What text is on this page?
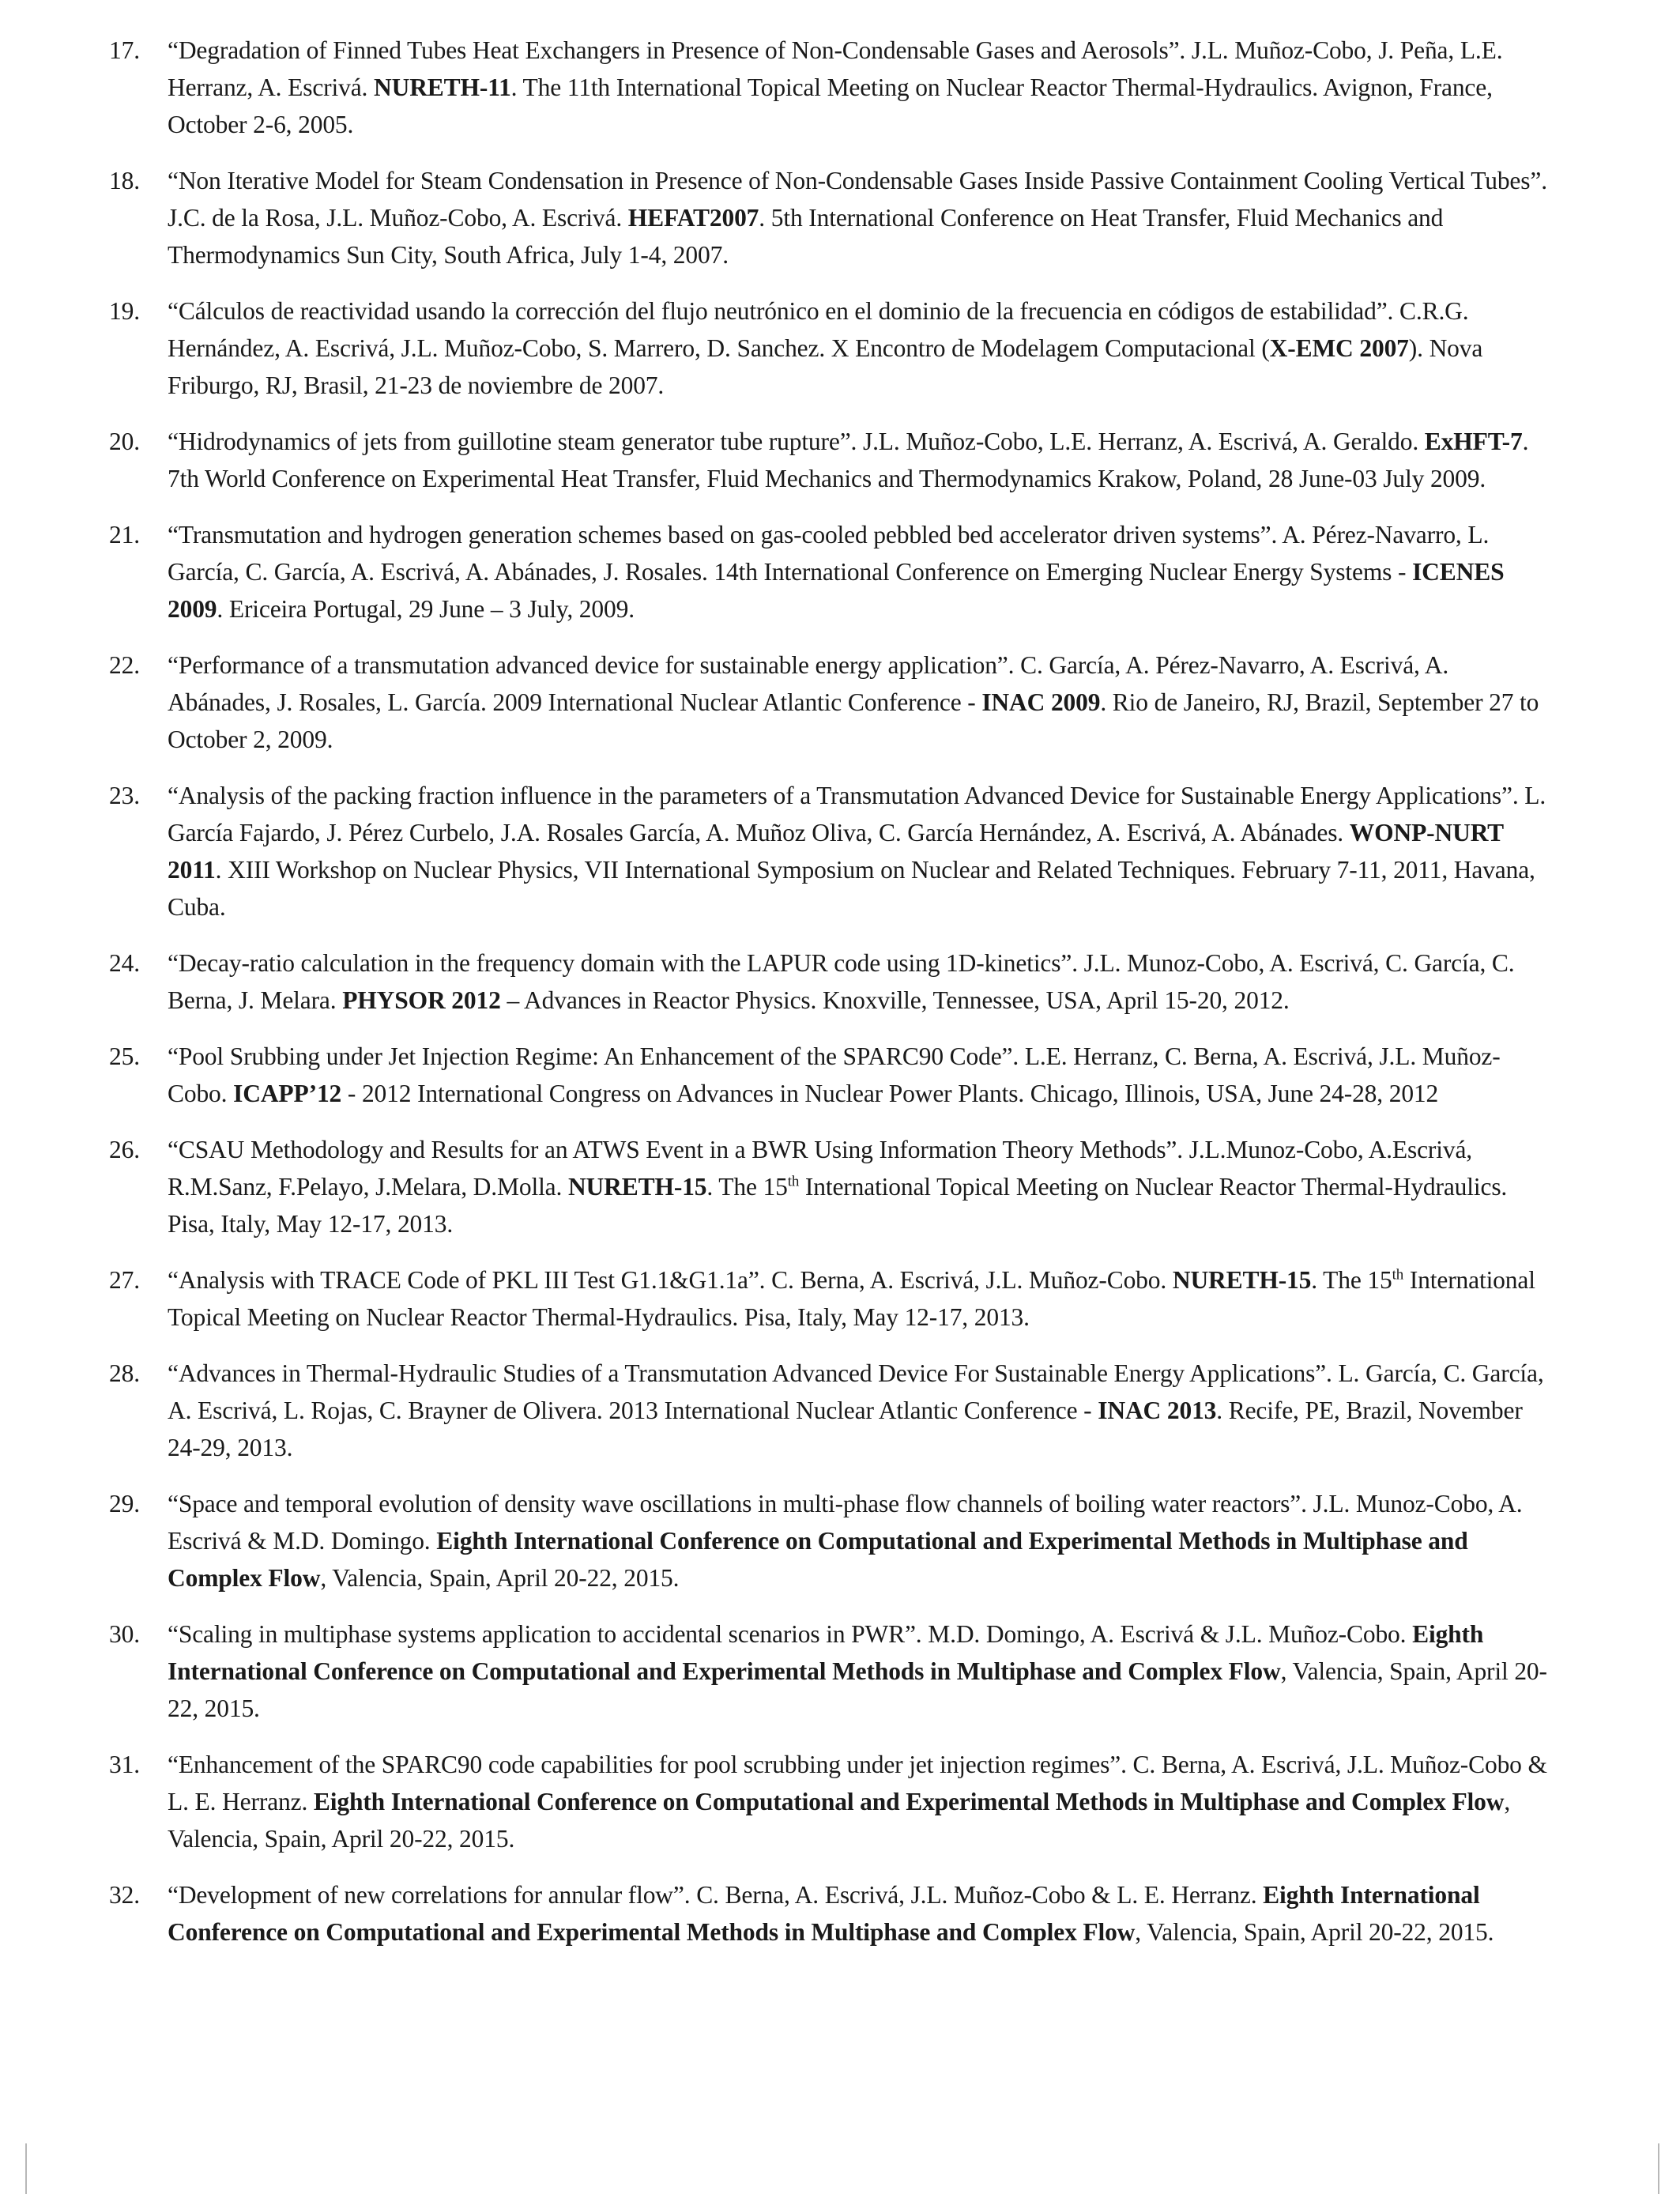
17. “Degradation of Finned Tubes Heat Exchangers in Presence of Non-Condensable Gases and Aerosols”. J.L. Muñoz-Cobo, J. Peña, L.E. Herranz, A. Escrivá. NURETH-11. The 11th International Topical Meeting on Nuclear Reactor Thermal-Hydraulics. Avignon, France, October 2-6, 2005.
18. “Non Iterative Model for Steam Condensation in Presence of Non-Condensable Gases Inside Passive Containment Cooling Vertical Tubes”. J.C. de la Rosa, J.L. Muñoz-Cobo, A. Escrivá. HEFAT2007. 5th International Conference on Heat Transfer, Fluid Mechanics and Thermodynamics Sun City, South Africa, July 1-4, 2007.
19. “Cálculos de reactividad usando la corrección del flujo neutrónico en el dominio de la frecuencia en códigos de estabilidad”. C.R.G. Hernández, A. Escrivá, J.L. Muñoz-Cobo, S. Marrero, D. Sanchez. X Encontro de Modelagem Computacional (X-EMC 2007). Nova Friburgo, RJ, Brasil, 21-23 de noviembre de 2007.
20. “Hidrodynamics of jets from guillotine steam generator tube rupture”. J.L. Muñoz-Cobo, L.E. Herranz, A. Escrivá, A. Geraldo. ExHFT-7. 7th World Conference on Experimental Heat Transfer, Fluid Mechanics and Thermodynamics Krakow, Poland, 28 June-03 July 2009.
21. “Transmutation and hydrogen generation schemes based on gas-cooled pebbled bed accelerator driven systems”. A. Pérez-Navarro, L. García, C. García, A. Escrivá, A. Abánades, J. Rosales. 14th International Conference on Emerging Nuclear Energy Systems - ICENES 2009. Ericeira Portugal, 29 June – 3 July, 2009.
22. “Performance of a transmutation advanced device for sustainable energy application”. C. García, A. Pérez-Navarro, A. Escrivá, A. Abánades, J. Rosales, L. García. 2009 International Nuclear Atlantic Conference - INAC 2009. Rio de Janeiro, RJ, Brazil, September 27 to October 2, 2009.
23. “Analysis of the packing fraction influence in the parameters of a Transmutation Advanced Device for Sustainable Energy Applications”. L. García Fajardo, J. Pérez Curbelo, J.A. Rosales García, A. Muñoz Oliva, C. García Hernández, A. Escrivá, A. Abánades. WONP-NURT 2011. XIII Workshop on Nuclear Physics, VII International Symposium on Nuclear and Related Techniques. February 7-11, 2011, Havana, Cuba.
24. “Decay-ratio calculation in the frequency domain with the LAPUR code using 1D-kinetics”. J.L. Munoz-Cobo, A. Escrivá, C. García, C. Berna, J. Melara. PHYSOR 2012 – Advances in Reactor Physics. Knoxville, Tennessee, USA, April 15-20, 2012.
25. “Pool Srubbing under Jet Injection Regime: An Enhancement of the SPARC90 Code”. L.E. Herranz, C. Berna, A. Escrivá, J.L. Muñoz-Cobo. ICAPP’12 - 2012 International Congress on Advances in Nuclear Power Plants. Chicago, Illinois, USA, June 24-28, 2012
26. “CSAU Methodology and Results for an ATWS Event in a BWR Using Information Theory Methods”. J.L.Munoz-Cobo, A.Escrivá, R.M.Sanz, F.Pelayo, J.Melara, D.Molla. NURETH-15. The 15th International Topical Meeting on Nuclear Reactor Thermal-Hydraulics. Pisa, Italy, May 12-17, 2013.
27. “Analysis with TRACE Code of PKL III Test G1.1&G1.1a”. C. Berna, A. Escrivá, J.L. Muñoz-Cobo. NURETH-15. The 15th International Topical Meeting on Nuclear Reactor Thermal-Hydraulics. Pisa, Italy, May 12-17, 2013.
28. “Advances in Thermal-Hydraulic Studies of a Transmutation Advanced Device For Sustainable Energy Applications”. L. García, C. García, A. Escrivá, L. Rojas, C. Brayner de Olivera. 2013 International Nuclear Atlantic Conference - INAC 2013. Recife, PE, Brazil, November 24-29, 2013.
29. “Space and temporal evolution of density wave oscillations in multi-phase flow channels of boiling water reactors”. J.L. Munoz-Cobo, A. Escrivá & M.D. Domingo. Eighth International Conference on Computational and Experimental Methods in Multiphase and Complex Flow, Valencia, Spain, April 20-22, 2015.
30. “Scaling in multiphase systems application to accidental scenarios in PWR”. M.D. Domingo, A. Escrivá & J.L. Muñoz-Cobo. Eighth International Conference on Computational and Experimental Methods in Multiphase and Complex Flow, Valencia, Spain, April 20-22, 2015.
31. “Enhancement of the SPARC90 code capabilities for pool scrubbing under jet injection regimes”. C. Berna, A. Escrivá, J.L. Muñoz-Cobo & L. E. Herranz. Eighth International Conference on Computational and Experimental Methods in Multiphase and Complex Flow, Valencia, Spain, April 20-22, 2015.
32. “Development of new correlations for annular flow”. C. Berna, A. Escrivá, J.L. Muñoz-Cobo & L. E. Herranz. Eighth International Conference on Computational and Experimental Methods in Multiphase and Complex Flow, Valencia, Spain, April 20-22, 2015.
